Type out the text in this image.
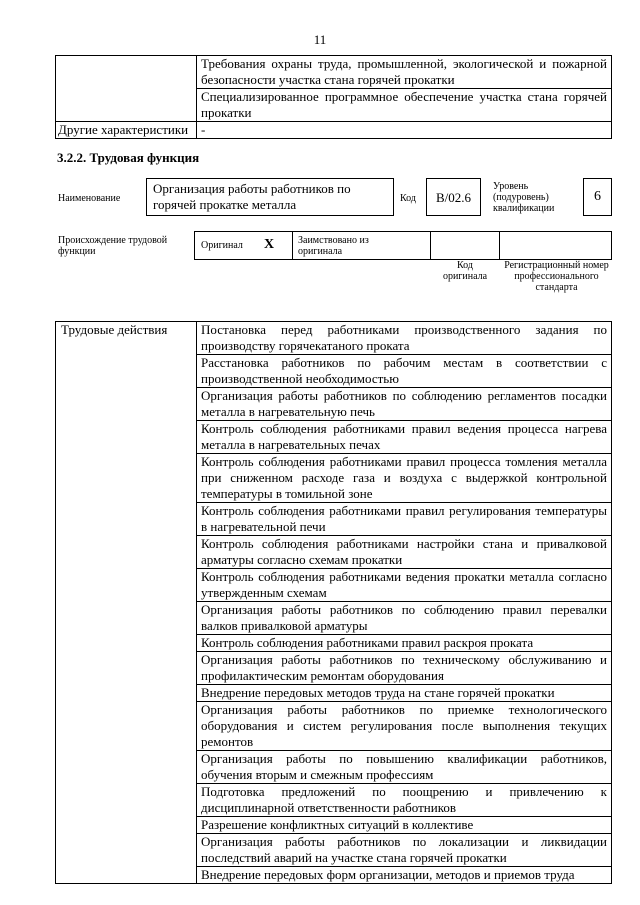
11
	Требования охраны труда, промышленной, экологической и пожарной безопасности участка стана горячей прокатки
	Специализированное программное обеспечение участка стана горячей прокатки
Другие характеристики	-
3.2.2. Трудовая функция
Наименование
Организация работы работников по горячей прокатке металла	Код	В/02.6
Уровень (подуровень) квалификации
6
Происхождение трудовой функции
Оригинал X	Заимствовано из оригинала
Код оригинала
Регистрационный номер профессионального стандарта
Трудовые действия	Постановка перед работниками производственного задания по производству горячекатаного проката
Расстановка работников по рабочим местам в соответствии с производственной необходимостью
Организация работы работников по соблюдению регламентов посадки металла в нагревательную печь
Контроль соблюдения работниками правил ведения процесса нагрева металла в нагревательных печах
Контроль соблюдения работниками правил процесса томления металла при сниженном расходе газа и воздуха с выдержкой контрольной температуры в томильной зоне
Контроль соблюдения работниками правил регулирования температуры в нагревательной печи
Контроль соблюдения работниками настройки стана и привалковой арматуры согласно схемам прокатки
Контроль соблюдения работниками ведения прокатки металла согласно утвержденным схемам
Организация работы работников по соблюдению правил перевалки валков привалковой арматуры
Контроль соблюдения работниками правил раскроя проката
Организация работы работников по техническому обслуживанию и профилактическим ремонтам оборудования
Внедрение передовых методов труда на стане горячей прокатки
Организация работы работников по приемке технологического оборудования и систем регулирования после выполнения текущих ремонтов
Организация работы по повышению квалификации работников, обучения вторым и смежным профессиям
Подготовка предложений по поощрению и привлечению к дисциплинарной ответственности работников
Разрешение конфликтных ситуаций в коллективе
Организация работы работников по локализации и ликвидации последствий аварий на участке стана горячей прокатки
Внедрение передовых форм организации, методов и приемов труда
